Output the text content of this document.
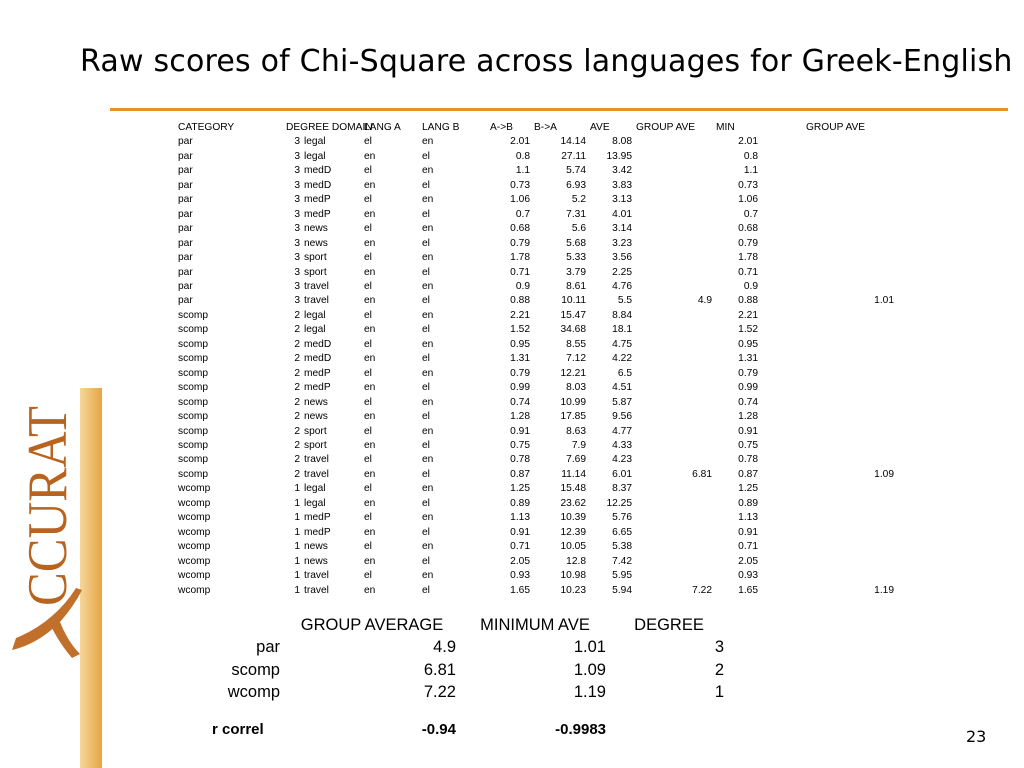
Raw scores of Chi-Square across languages for Greek-English
CCURAT
CATEGORY	DEGREE DOMAIN		LANG A	LANG B	A->B	B->A	AVE	GROUP AVE	MIN		GROUP AVE
par	3	legal	el	en	2.01	14.14	8.08		2.01		
par	3	legal	en	el	0.8	27.11	13.95		0.8		
par	3	medD	el	en	1.1	5.74	3.42		1.1		
par	3	medD	en	el	0.73	6.93	3.83		0.73		
par	3	medP	el	en	1.06	5.2	3.13		1.06		
par	3	medP	en	el	0.7	7.31	4.01		0.7		
par	3	news	el	en	0.68	5.6	3.14		0.68		
par	3	news	en	el	0.79	5.68	3.23		0.79		
par	3	sport	el	en	1.78	5.33	3.56		1.78		
par	3	sport	en	el	0.71	3.79	2.25		0.71		
par	3	travel	el	en	0.9	8.61	4.76		0.9		
par	3	travel	en	el	0.88	10.11	5.5	4.9	0.88	1.01	
scomp	2	legal	el	en	2.21	15.47	8.84		2.21		
scomp	2	legal	en	el	1.52	34.68	18.1		1.52		
scomp	2	medD	el	en	0.95	8.55	4.75		0.95		
scomp	2	medD	en	el	1.31	7.12	4.22		1.31		
scomp	2	medP	el	en	0.79	12.21	6.5		0.79		
scomp	2	medP	en	el	0.99	8.03	4.51		0.99		
scomp	2	news	el	en	0.74	10.99	5.87		0.74		
scomp	2	news	en	el	1.28	17.85	9.56		1.28		
scomp	2	sport	el	en	0.91	8.63	4.77		0.91		
scomp	2	sport	en	el	0.75	7.9	4.33		0.75		
scomp	2	travel	el	en	0.78	7.69	4.23		0.78		
scomp	2	travel	en	el	0.87	11.14	6.01	6.81	0.87	1.09	
wcomp	1	legal	el	en	1.25	15.48	8.37		1.25		
wcomp	1	legal	en	el	0.89	23.62	12.25		0.89		
wcomp	1	medP	el	en	1.13	10.39	5.76		1.13		
wcomp	1	medP	en	el	0.91	12.39	6.65		0.91		
wcomp	1	news	el	en	0.71	10.05	5.38		0.71		
wcomp	1	news	en	el	2.05	12.8	7.42		2.05		
wcomp	1	travel	el	en	0.93	10.98	5.95		0.93		
wcomp	1	travel	en	el	1.65	10.23	5.94	7.22	1.65	1.19	
	GROUP AVERAGE	MINIMUM AVE	DEGREE
par	4.9	1.01	3
scomp	6.81	1.09	2
wcomp	7.22	1.19	1

r correl	-0.94	-0.9983		23
